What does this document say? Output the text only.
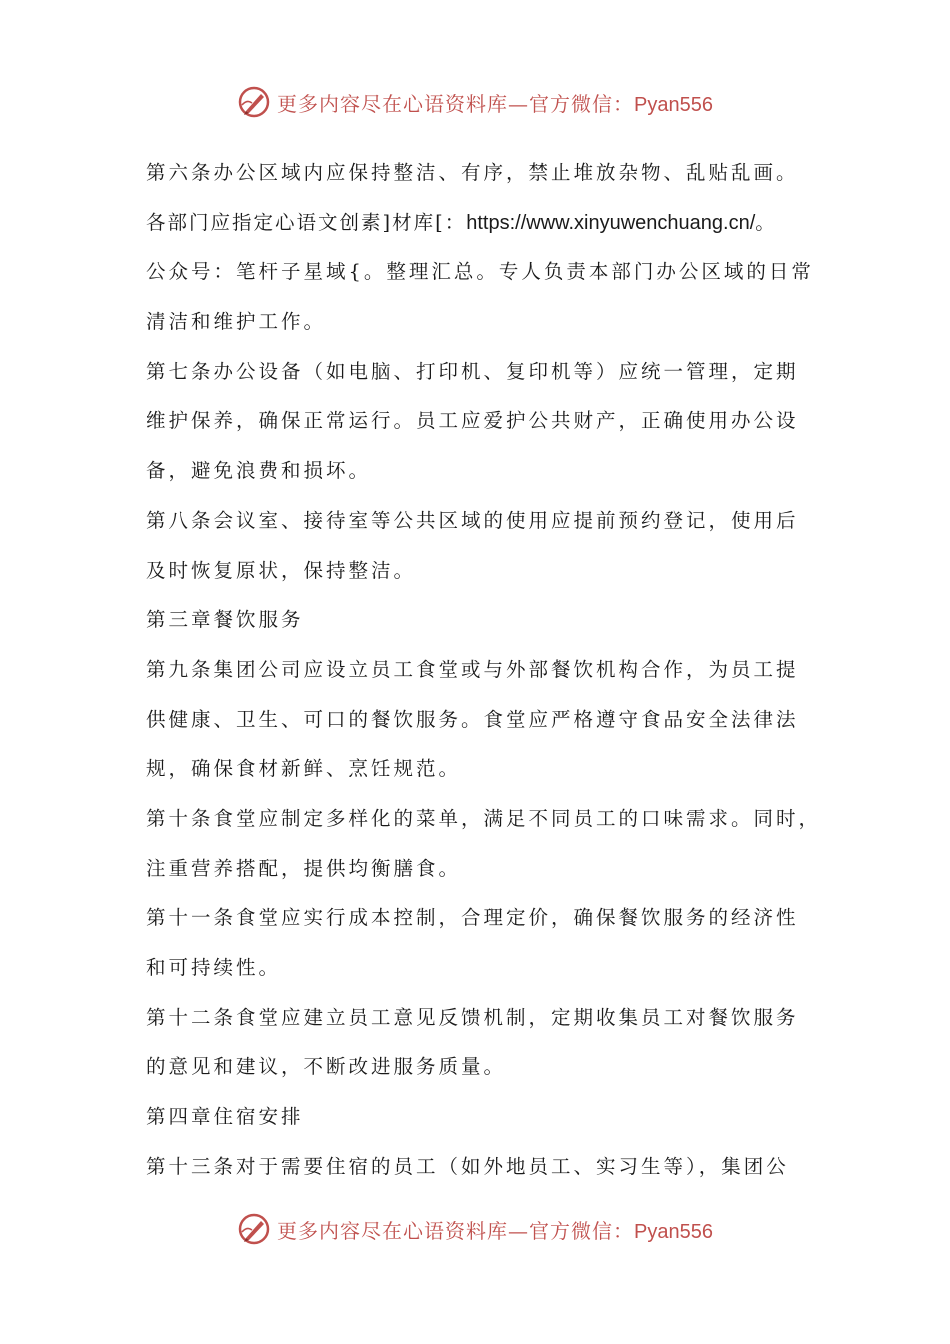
更多内容尽在心语资料库—官方微信：Pyan556
第六条办公区域内应保持整洁、有序，禁止堆放杂物、乱贴乱画。
各部门应指定心语文创素]材库[：https://www.xinyuwenchuang.cn/。
公众号：笔杆子星域{。整理汇总。专人负责本部门办公区域的日常
清洁和维护工作。
第七条办公设备（如电脑、打印机、复印机等）应统一管理，定期
维护保养，确保正常运行。员工应爱护公共财产，正确使用办公设
备，避免浪费和损坏。
第八条会议室、接待室等公共区域的使用应提前预约登记，使用后
及时恢复原状，保持整洁。
第三章餐饮服务
第九条集团公司应设立员工食堂或与外部餐饮机构合作，为员工提
供健康、卫生、可口的餐饮服务。食堂应严格遵守食品安全法律法
规，确保食材新鲜、烹饪规范。
第十条食堂应制定多样化的菜单，满足不同员工的口味需求。同时，
注重营养搭配，提供均衡膳食。
第十一条食堂应实行成本控制，合理定价，确保餐饮服务的经济性
和可持续性。
第十二条食堂应建立员工意见反馈机制，定期收集员工对餐饮服务
的意见和建议，不断改进服务质量。
第四章住宿安排
第十三条对于需要住宿的员工（如外地员工、实习生等），集团公
更多内容尽在心语资料库—官方微信：Pyan556
